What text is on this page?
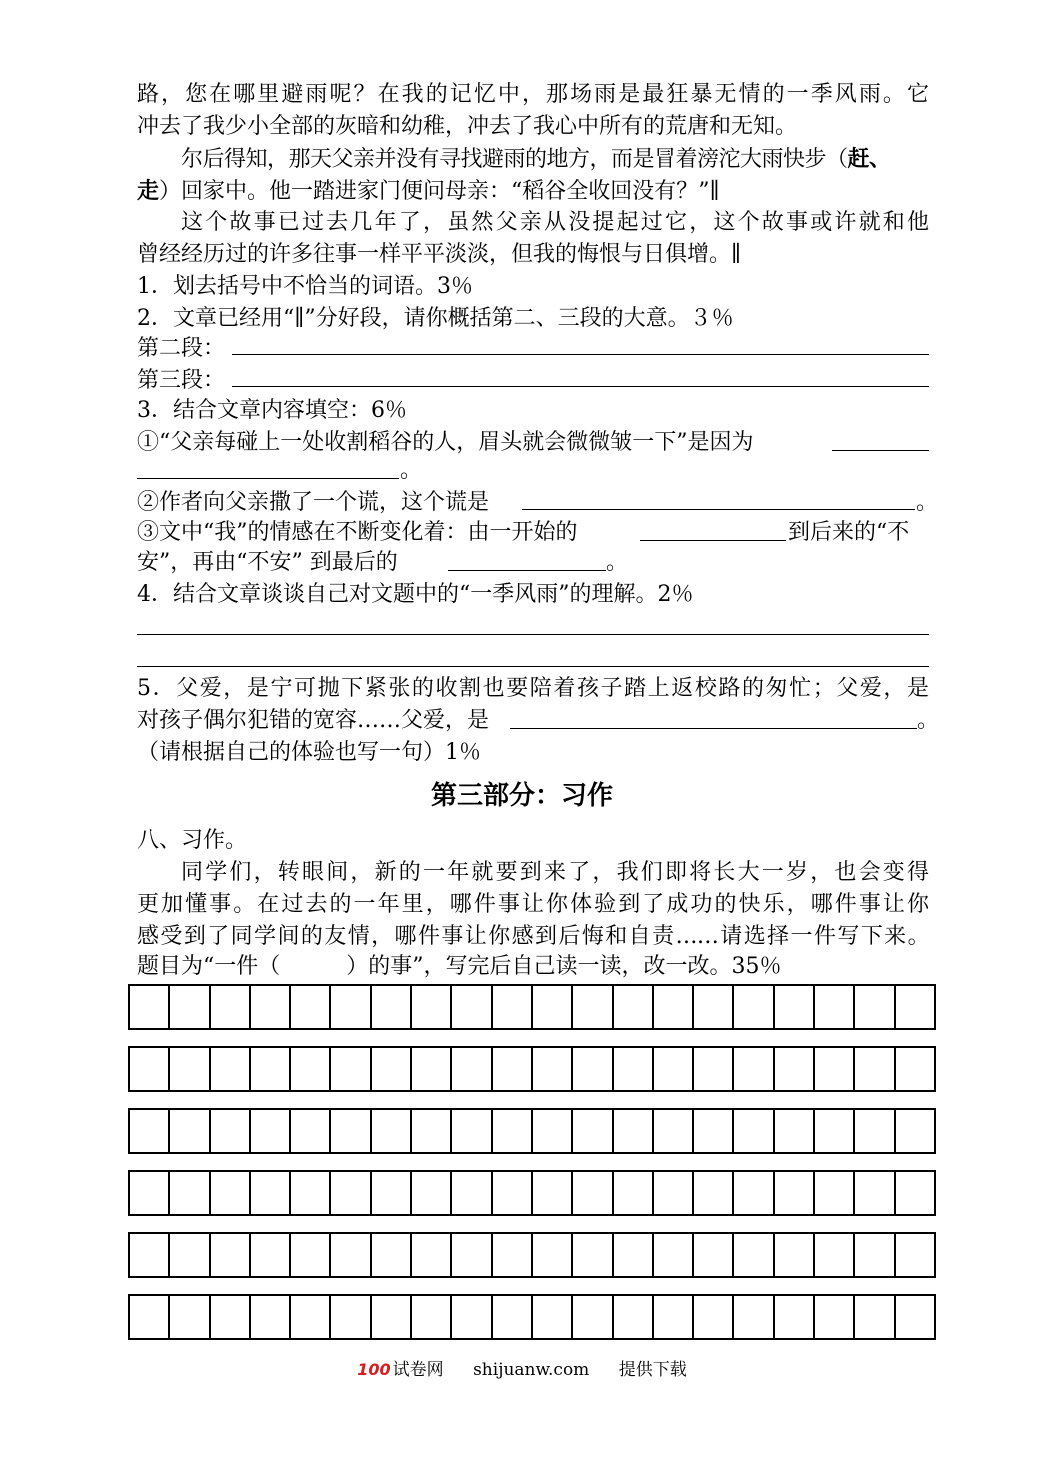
路，您在哪里避雨呢？在我的记忆中，那场雨是最狂暴无情的一季风雨。它
冲去了我少小全部的灰暗和幼稚，冲去了我心中所有的荒唐和无知。
尔后得知，那天父亲并没有寻找避雨的地方，而是冒着滂沱大雨快步（赶、
走）回家中。他一踏进家门便问母亲：“稻谷全收回没有？”∥
这个故事已过去几年了，虽然父亲从没提起过它，这个故事或许就和他
曾经经历过的许多往事一样平平淡淡，但我的悔恨与日俱增。∥
1．划去括号中不恰当的词语。3％
2．文章已经用“∥”分好段，请你概括第二、三段的大意。３％
第二段：
第三段：
3．结合文章内容填空：6％
①“父亲每碰上一处收割稻谷的人，眉头就会微微皱一下”是因为
。
②作者向父亲撒了一个谎，这个谎是	。
③文中“我”的情感在不断变化着：由一开始的	到后来的“不
安”，再由“不安” 到最后的	。
4．结合文章谈谈自己对文题中的“一季风雨”的理解。2％
5．父爱，是宁可抛下紧张的收割也要陪着孩子踏上返校路的匆忙；父爱，是
对孩子偶尔犯错的宽容……父爱，是	。
（请根据自己的体验也写一句）1％
第三部分：习作
八、习作。
同学们，转眼间，新的一年就要到来了，我们即将长大一岁，也会变得
更加懂事。在过去的一年里，哪件事让你体验到了成功的快乐，哪件事让你
感受到了同学间的友情，哪件事让你感到后悔和自责……请选择一件写下来。
题目为“一件（　　　）的事”，写完后自己读一读，改一改。35％
100 试卷网 shijuanw.com 提供下载
